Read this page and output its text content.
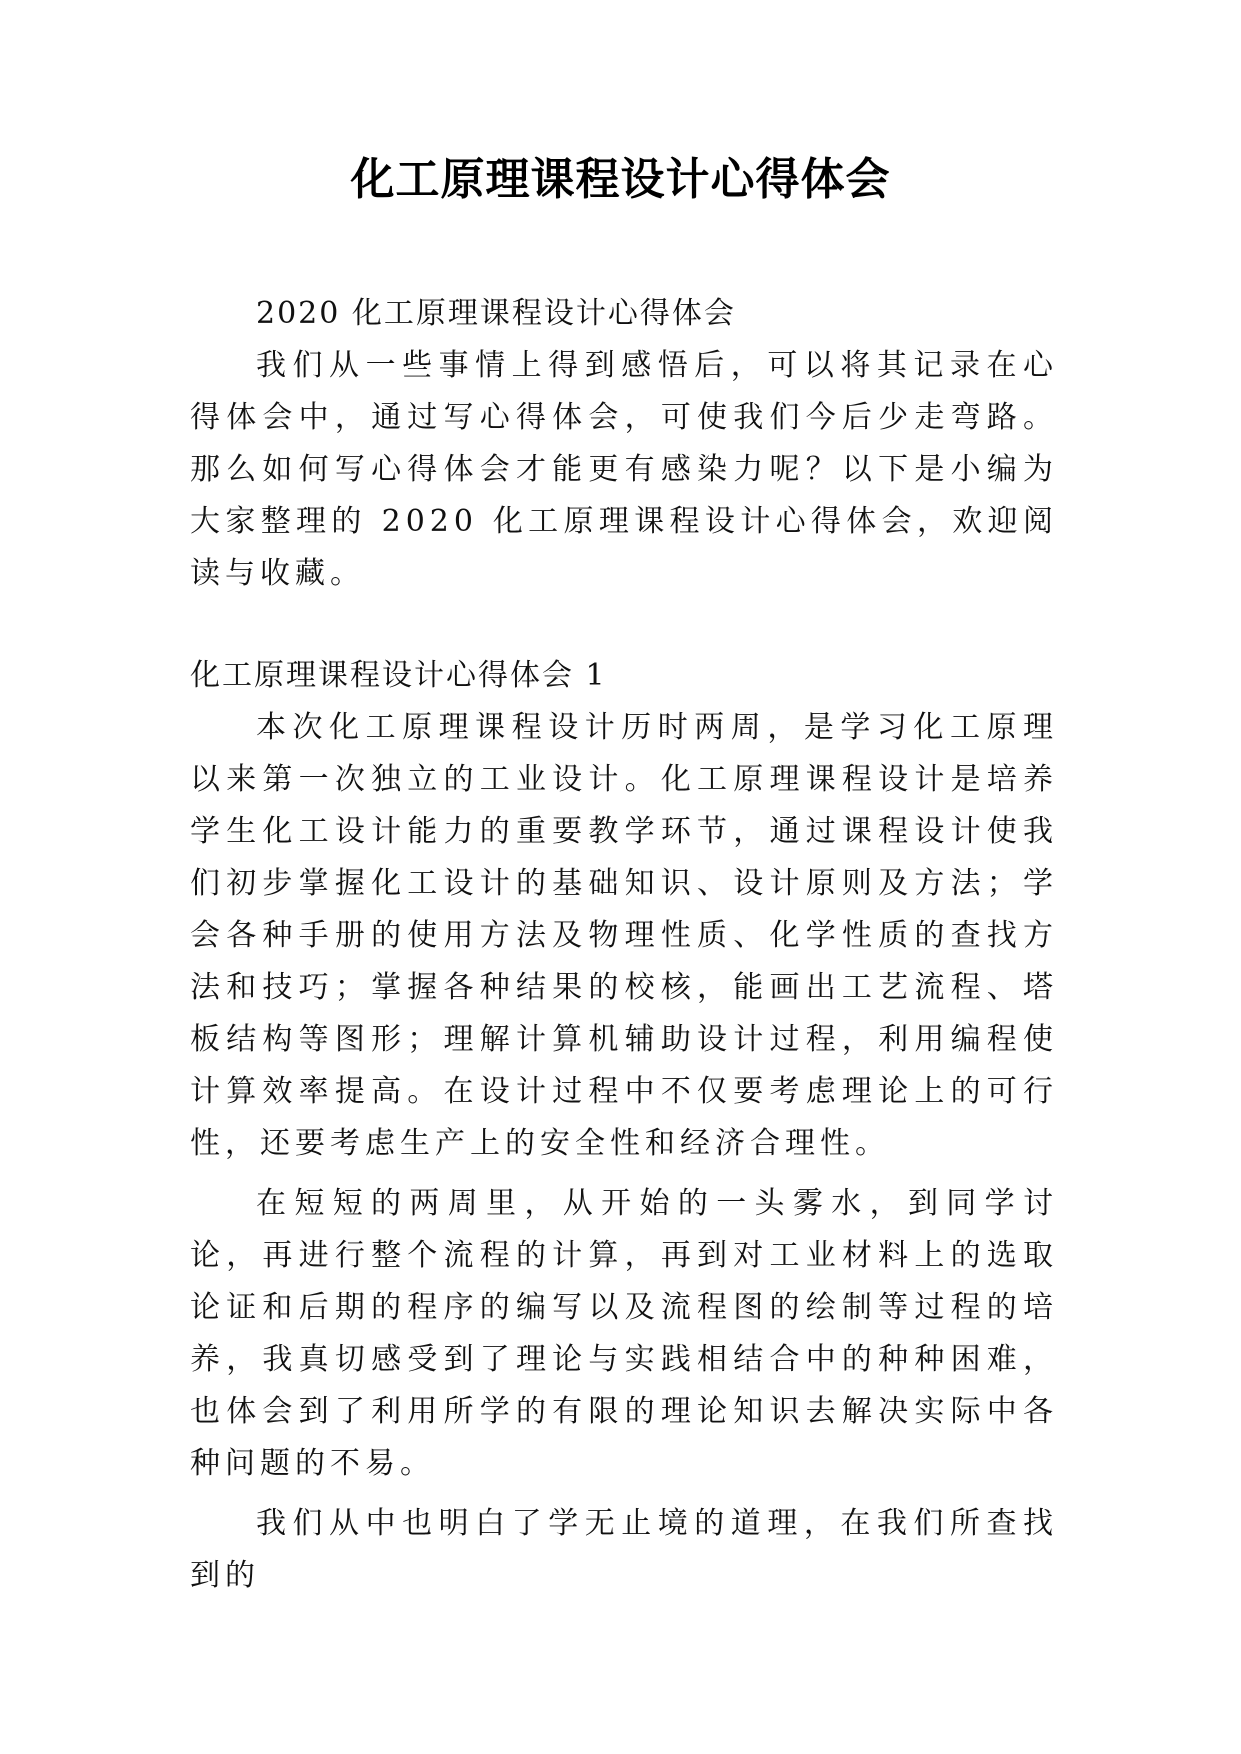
化工原理课程设计心得体会

2020 化工原理课程设计心得体会

我们从一些事情上得到感悟后，可以将其记录在心得体会中，通过写心得体会，可使我们今后少走弯路。那么如何写心得体会才能更有感染力呢？以下是小编为大家整理的 2020 化工原理课程设计心得体会，欢迎阅读与收藏。

化工原理课程设计心得体会 1

本次化工原理课程设计历时两周，是学习化工原理以来第一次独立的工业设计。化工原理课程设计是培养学生化工设计能力的重要教学环节，通过课程设计使我们初步掌握化工设计的基础知识、设计原则及方法；学会各种手册的使用方法及物理性质、化学性质的查找方法和技巧；掌握各种结果的校核，能画出工艺流程、塔板结构等图形；理解计算机辅助设计过程，利用编程使计算效率提高。在设计过程中不仅要考虑理论上的可行性，还要考虑生产上的安全性和经济合理性。

在短短的两周里，从开始的一头雾水，到同学讨论，再进行整个流程的计算，再到对工业材料上的选取论证和后期的程序的编写以及流程图的绘制等过程的培养，我真切感受到了理论与实践相结合中的种种困难，也体会到了利用所学的有限的理论知识去解决实际中各种问题的不易。

我们从中也明白了学无止境的道理，在我们所查找到的
